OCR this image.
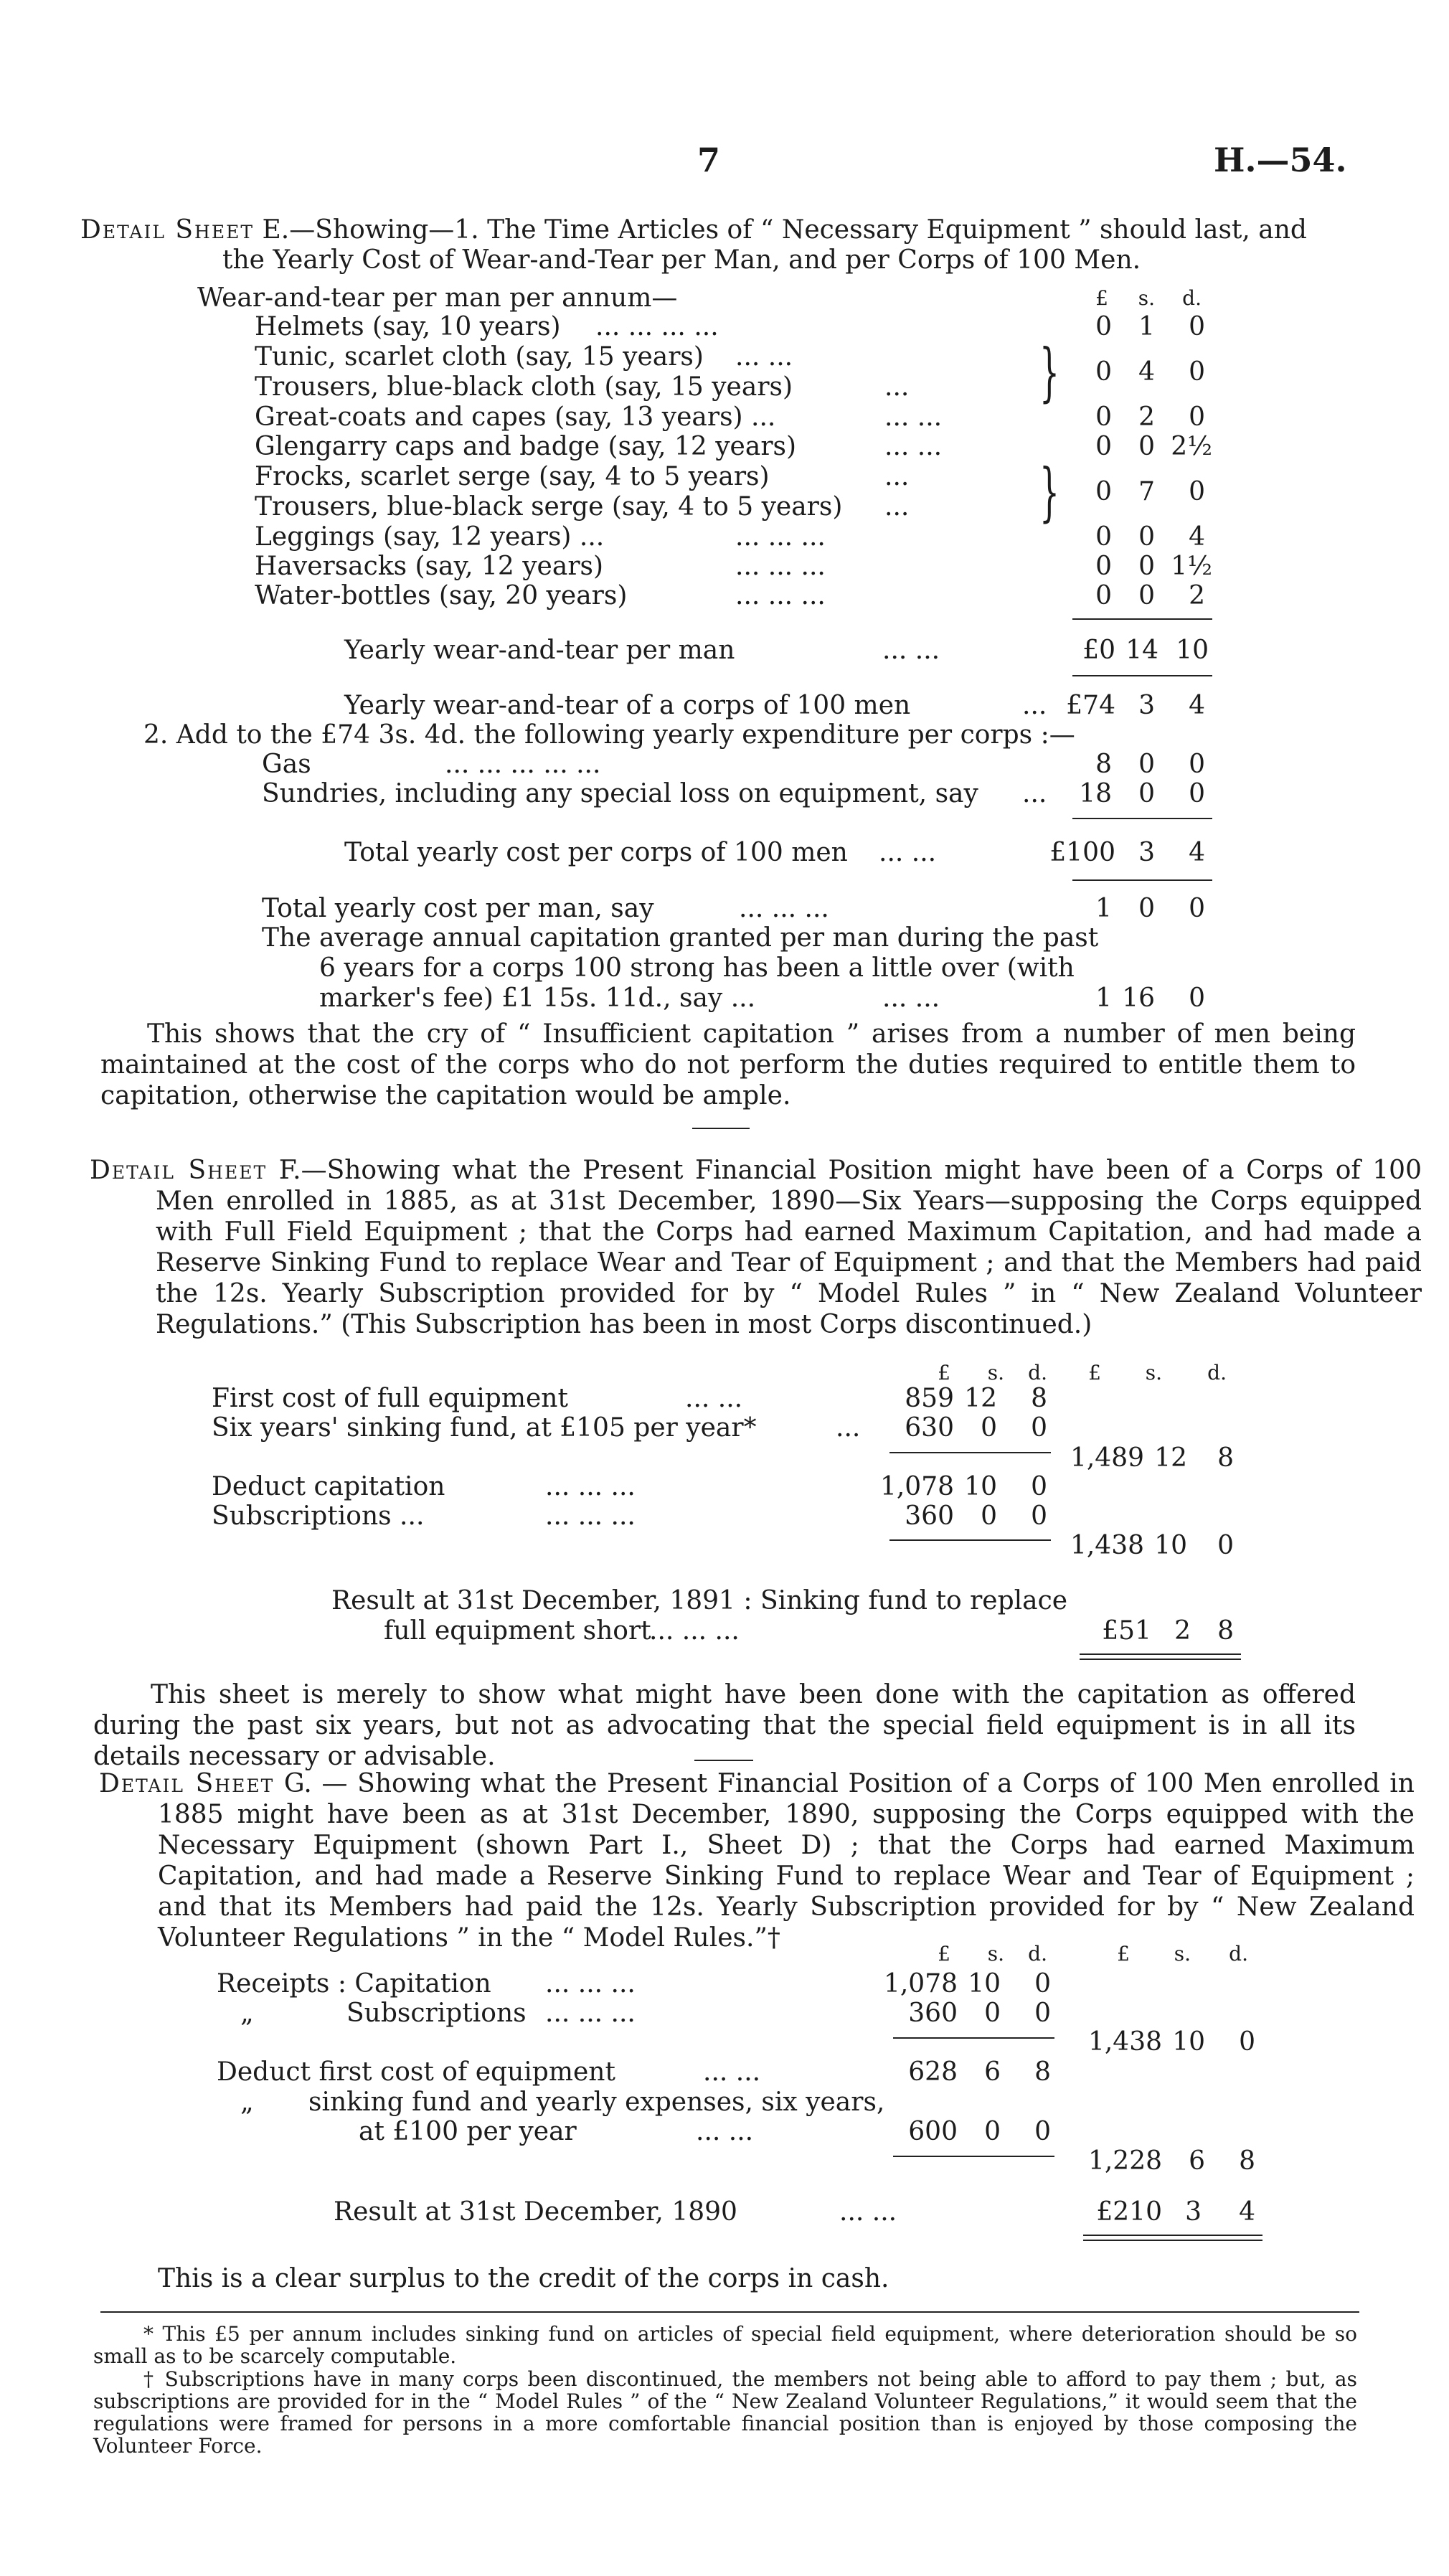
7	H.—54.
Detail Sheet E.—Showing—1. The Time Articles of “ Necessary Equipment ” should last, and
the Yearly Cost of Wear-and-Tear per Man, and per Corps of 100 Men.
Wear-and-tear per man per annum—	£	s.	d.
Helmets (say, 10 years) ... ... ... ...	0	1	0
Tunic, scarlet cloth (say, 15 years) ... ...
0	4	0
Trousers, blue-black cloth (say, 15 years)	... }
Great-coats and capes (say, 13 years) ...	... ...	0	2	0
Glengarry caps and badge (say, 12 years)	... ...	0	0 2½
Frocks, scarlet serge (say, 4 to 5 years)	...
0	7	0
Trousers, blue-black serge (say, 4 to 5 years) ... }
Leggings (say, 12 years) ...	... ... ...	0	0	4
Haversacks (say, 12 years)	... ... ...	0	0 1½
Water-bottles (say, 20 years)	... ... ...	0	0	2
Yearly wear-and-tear per man	... ...	£0 14 10
Yearly wear-and-tear of a corps of 100 men	... £74 3	4
2. Add to the £74 3s. 4d. the following yearly expenditure per corps :—
Gas	... ... ... ... ...	8	0	0
Sundries, including any special loss on equipment, say ...	18	0	0
Total yearly cost per corps of 100 men ... ...	£100 3	4
Total yearly cost per man, say	... ... ...	1	0	0
The average annual capitation granted per man during the past
6 years for a corps 100 strong has been a little over (with
marker's fee) £1 15s. 11d., say ...	... ...	1 16	0
This shows that the cry of “ Insufficient capitation ” arises from a number of men being maintained at the cost of the corps who do not perform the duties required to entitle them to capitation, otherwise the capitation would be ample.
Detail Sheet F.—Showing what the Present Financial Position might have been of a Corps of 100 Men enrolled in 1885, as at 31st December, 1890—Six Years—supposing the Corps equipped with Full Field Equipment ; that the Corps had earned Maximum Capitation, and had made a Reserve Sinking Fund to replace Wear and Tear of Equipment ; and that the Members had paid the 12s. Yearly Subscription provided for by “ Model Rules ” in “ New Zealand Volunteer Regulations.” (This Subscription has been in most Corps discontinued.)
£	s.	d.	£	s.	d.
First cost of full equipment	... ...	859 12	8
Six years' sinking fund, at £105 per year*	...	630	0	0
1,489 12	8
Deduct capitation	... ... ...	1,078 10	0
Subscriptions ...	... ... ...	360	0	0
1,438 10	0
Result at 31st December, 1891 : Sinking fund to replace
full equipment short
... ... ...	£51 2	8
This sheet is merely to show what might have been done with the capitation as offered during the past six years, but not as advocating that the special field equipment is in all its details necessary or advisable.
Detail Sheet G. — Showing what the Present Financial Position of a Corps of 100 Men enrolled in 1885 might have been as at 31st December, 1890, supposing the Corps equipped with the Necessary Equipment (shown Part I., Sheet D) ; that the Corps had earned Maximum Capitation, and had made a Reserve Sinking Fund to replace Wear and Tear of Equipment ; and that its Members had paid the 12s. Yearly Subscription provided for by “ New Zealand Volunteer Regulations ” in the “ Model Rules.”†
£	s.	d.	£	s.	d.
Receipts : Capitation ... ... ...	1,078 10	0
„	Subscriptions ... ... ...	360	0	0
1,438 10	0
Deduct first cost of equipment	... ...	628	6	8
„ sinking fund and yearly expenses, six years,
at £100 per year	... ...	600	0	0
1,228	6	8
Result at 31st December, 1890	... ...	£210 3	4
This is a clear surplus to the credit of the corps in cash.
* This £5 per annum includes sinking fund on articles of special field equipment, where deterioration should be so small as to be scarcely computable.
† Subscriptions have in many corps been discontinued, the members not being able to afford to pay them ; but, as subscriptions are provided for in the “ Model Rules ” of the “ New Zealand Volunteer Regulations,” it would seem that the regulations were framed for persons in a more comfortable financial position than is enjoyed by those composing the Volunteer Force.
